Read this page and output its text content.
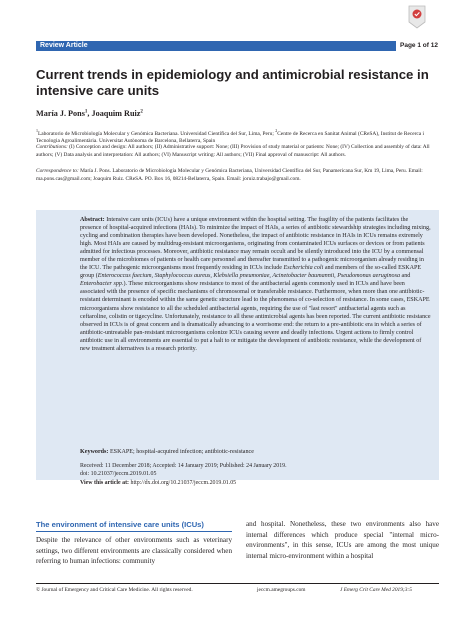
Review Article	Page 1 of 12
Current trends in epidemiology and antimicrobial resistance in intensive care units
María J. Pons$^1$, Joaquim Ruiz$^2$

$^1$Laboratorio de Microbiología Molecular y Genómica Bacteriana. Universidad Científica del Sur, Lima, Peru; $^2$Centre de Recerca en Sanitat Animal (CReSA), Institut de Recerca i Tecnologia Agroalimentària. Universitat Autònoma de Barcelona, Bellaterra, Spain

Contributions: (I) Conception and design: All authors; (II) Administrative support: None; (III) Provision of study material or patients: None; (IV) Collection and assembly of data: All authors; (V) Data analysis and interpretation: All authors; (VI) Manuscript writing: All authors; (VII) Final approval of manuscript: All authors.

Correspondence to: María J. Pons. Laboratorio de Microbiología Molecular y Genómica Bacteriana, Universidad Científica del Sur, Panamericana Sur, Km 19, Lima, Peru. Email: ma.pons.cas@gmail.com; Joaquim Ruiz. CReSA. PO. Box 16, 08214-Bellaterra, Spain. Email: joruiz.trabajo@gmail.com.

Abstract: Intensive care units (ICUs) have a unique environment within the hospital setting. The fragility of the patients facilitates the presence of hospital-acquired infections (HAIs). To minimize the impact of HAIs, a series of antibiotic stewardship strategies including mixing, cycling and combination therapies have been developed. Nonetheless, the impact of antibiotic resistance in HAIs in ICUs remains extremely high. Most HAIs are caused by multidrug-resistant microorganisms, originating from contaminated ICUs surfaces or devices or from patients admitted for infectious processes. Moreover, antibiotic resistance may remain occult and be silently introduced into the ICU by a commensal member of the microbiomes of patients or health care personnel and thereafter transmitted to a pathogenic microorganism already residing in the ICU. The pathogenic microorganisms most frequently residing in ICUs include Escherichia coli and members of the so-called ESKAPE group (Enterococcus faecium, Staphylococcus aureus, Klebsiella pneumoniae, Acinetobacter baumannii, Pseudomonas aeruginosa and Enterobacter spp.). These microorganisms show resistance to most of the antibacterial agents commonly used in ICUs and have been associated with the presence of specific mechanisms of chromosomal or transferable resistance. Furthermore, when more than one antibiotic-resistant determinant is encoded within the same genetic structure lead to the phenomena of co-selection of resistance. In some cases, ESKAPE microorganisms show resistance to all the scheduled antibacterial agents, requiring the use of "last resort" antibacterial agents such as ceftaroline, colistin or tigecycline. Unfortunately, resistance to all these antimicrobial agents has been reported. The current antibiotic resistance observed in ICUs is of great concern and is dramatically advancing to a worrisome end: the return to a pre-antibiotic era in which a series of antibiotic-untreatable pan-resistant microorganisms colonize ICUs causing severe and deadly infections. Urgent actions to firmly control antibiotic use in all environments are essential to put a halt to or mitigate the development of antibiotic resistance, while the development of new treatment alternatives is a research priority.

Keywords: ESKAPE; hospital-acquired infection; antibiotic-resistance

Received: 11 December 2018; Accepted: 14 January 2019; Published: 24 January 2019.
doi: 10.21037/jeccm.2019.01.05
View this article at: http://dx.doi.org/10.21037/jeccm.2019.01.05
The environment of intensive care units (ICUs)

Despite the relevance of other environments such as veterinary settings, two different environments are classically considered when referring to human infections: community

and hospital. Nonetheless, these two environments also have internal differences which produce special "internal micro-environments", in this sense, ICUs are among the most unique internal micro-environment within a hospital

© Journal of Emergency and Critical Care Medicine. All rights reserved.	jeccm.amegroups.com	J Emerg Crit Care Med 2019;3:5
